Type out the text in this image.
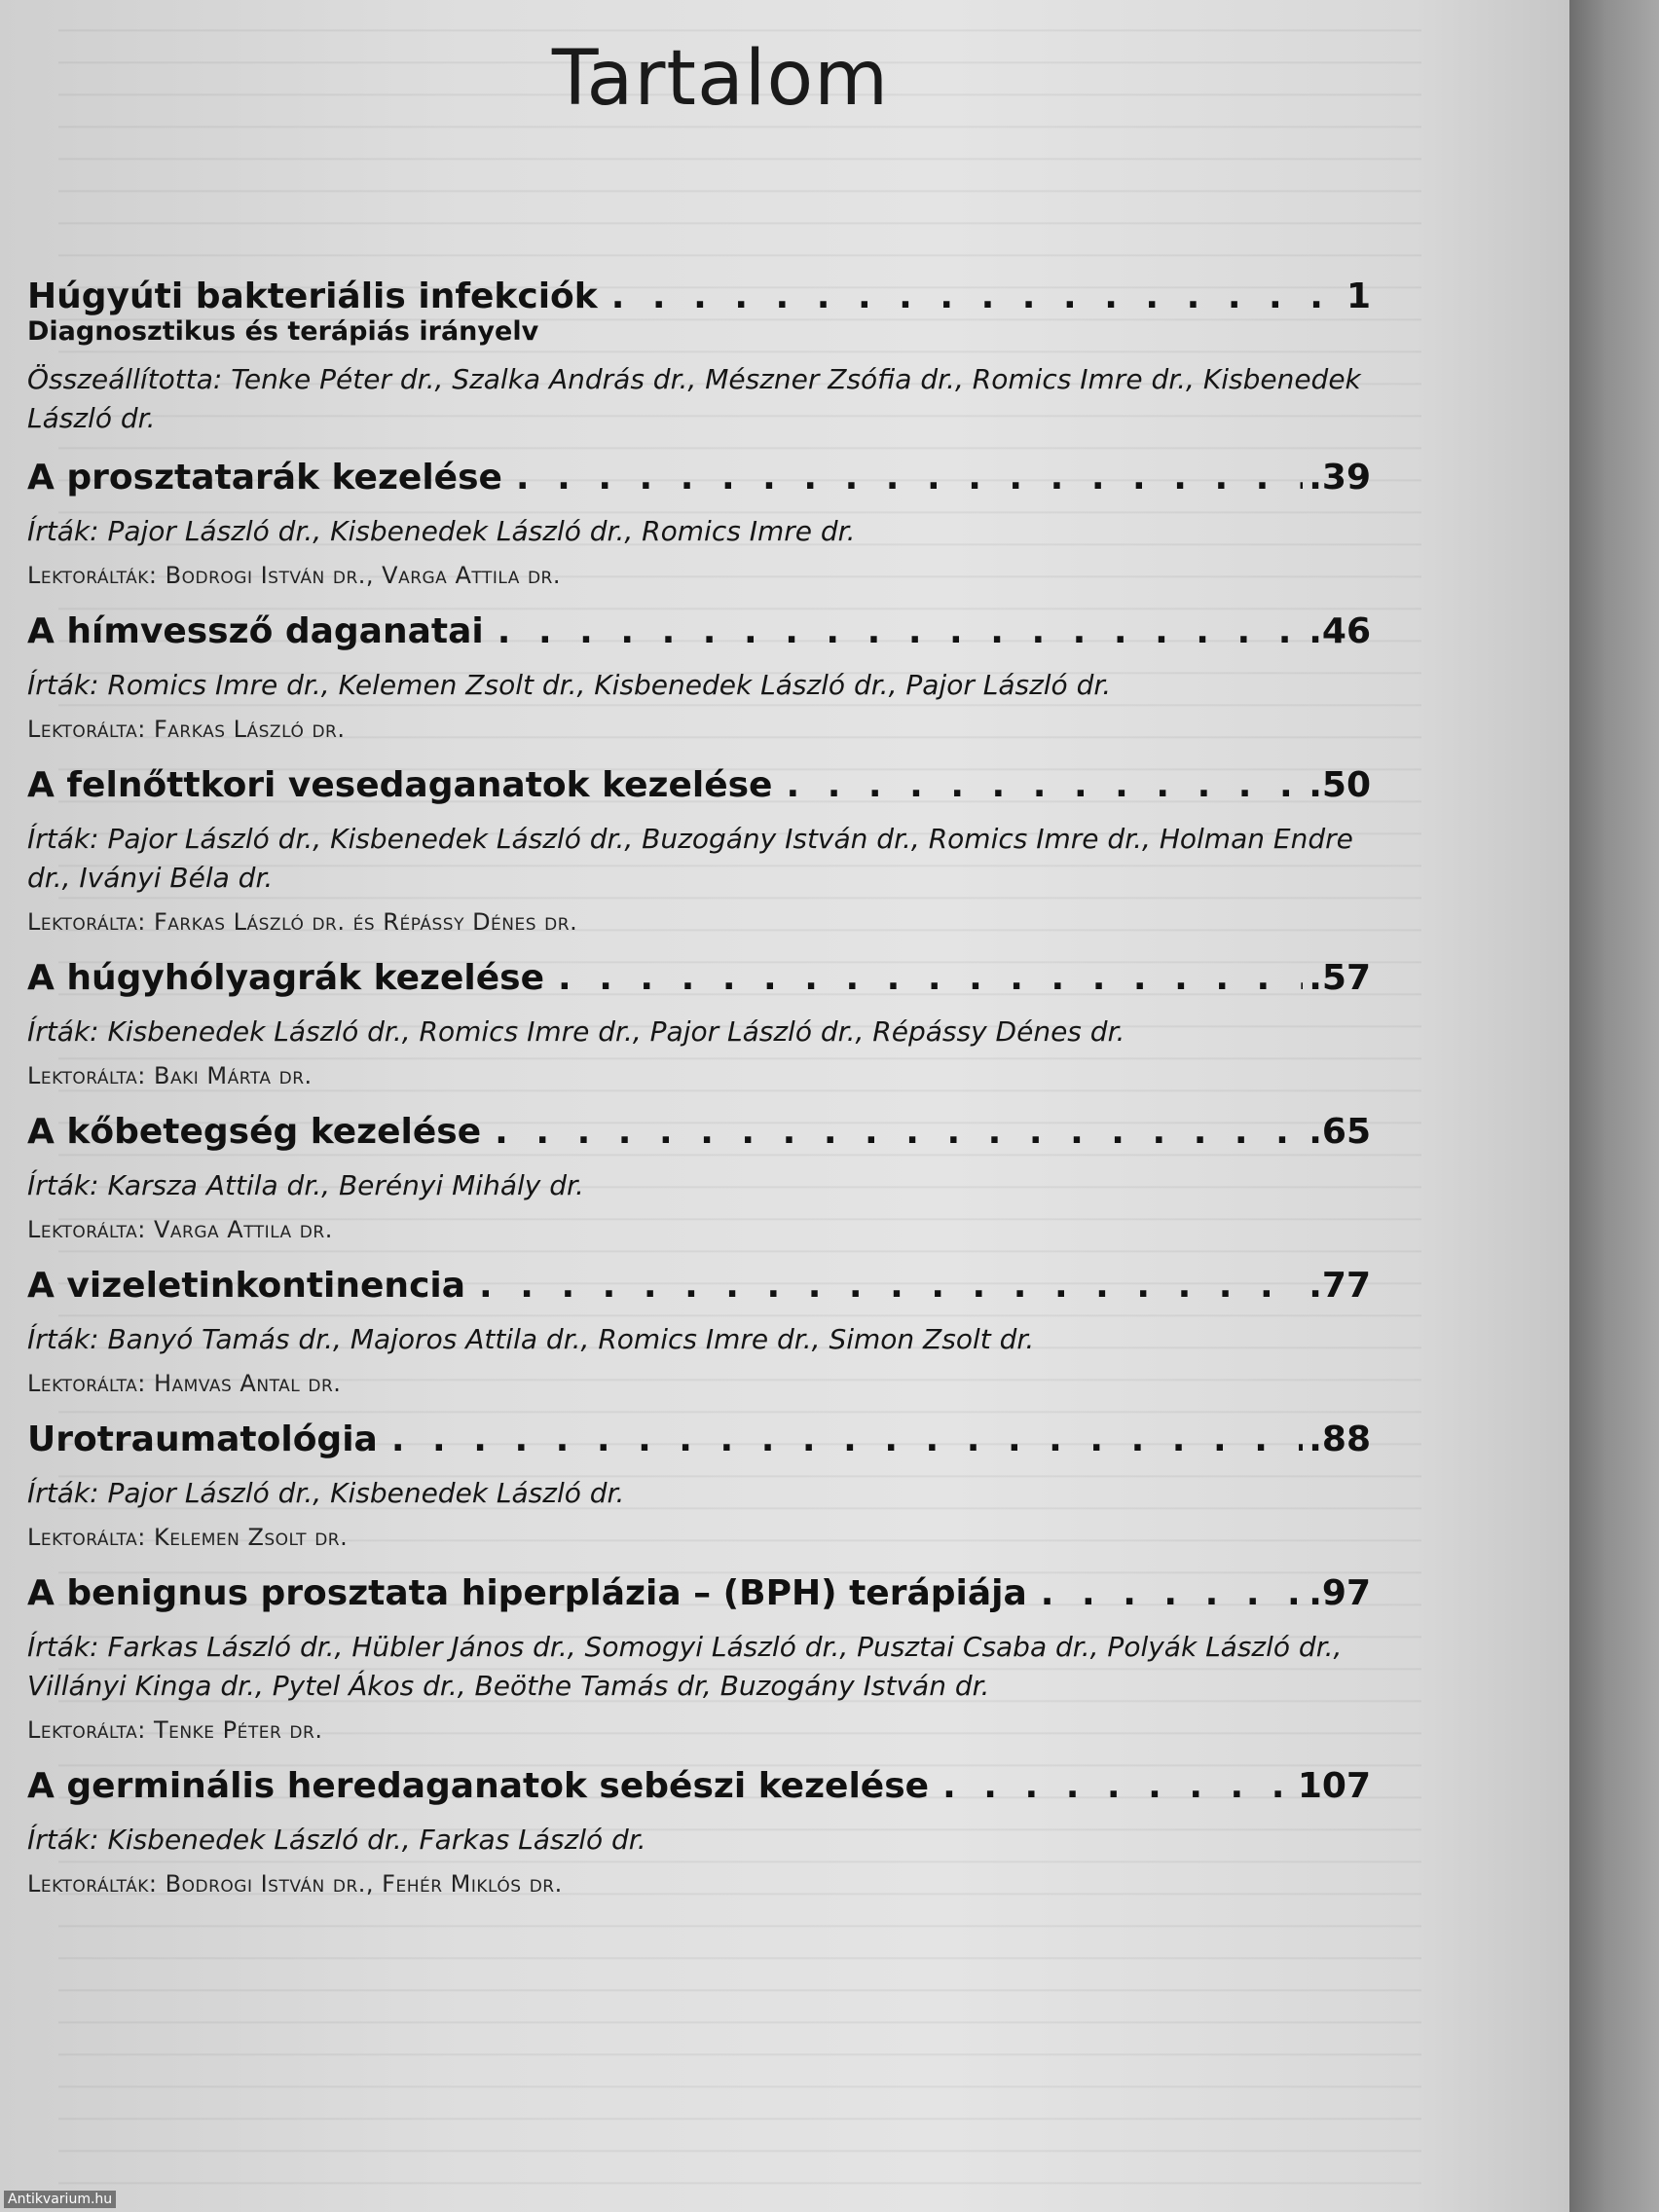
Tartalom
Húgyúti bakteriális infekciók . . .	1
Diagnosztikus és terápiás irányelv
Összeállította: Tenke Péter dr., Szalka András dr., Mészner Zsófia dr., Romics Imre dr., Kisbenedek László dr.
A prosztatarák kezelése . . .	.39
Írták: Pajor László dr., Kisbenedek László dr., Romics Imre dr.
Lektorálták: Bodrogi István dr., Varga Attila dr.
A hímvessző daganatai . . .	.46
Írták: Romics Imre dr., Kelemen Zsolt dr., Kisbenedek László dr., Pajor László dr.
Lektorálta: Farkas László dr.
A felnőttkori vesedaganatok kezelése . . .	.50
Írták: Pajor László dr., Kisbenedek László dr., Buzogány István dr., Romics Imre dr., Holman Endre dr., Iványi Béla dr.
Lektorálta: Farkas László dr. és Répássy Dénes dr.
A húgyhólyagrák kezelése . . .	.57
Írták: Kisbenedek László dr., Romics Imre dr., Pajor László dr., Répássy Dénes dr.
Lektorálta: Baki Márta dr.
A kőbetegség kezelése . . .	.65
Írták: Karsza Attila dr., Berényi Mihály dr.
Lektorálta: Varga Attila dr.
A vizeletinkontinencia . . .	.77
Írták: Banyó Tamás dr., Majoros Attila dr., Romics Imre dr., Simon Zsolt dr.
Lektorálta: Hamvas Antal dr.
Urotraumatológia . . .	.88
Írták: Pajor László dr., Kisbenedek László dr.
Lektorálta: Kelemen Zsolt dr.
A benignus prosztata hiperplázia – (BPH) terápiája . . .	.97
Írták: Farkas László dr., Hübler János dr., Somogyi László dr., Pusztai Csaba dr., Polyák László dr., Villányi Kinga dr., Pytel Ákos dr., Beöthe Tamás dr, Buzogány István dr.
Lektorálta: Tenke Péter dr.
A germinális heredaganatok sebészi kezelése . . .	107
Írták: Kisbenedek László dr., Farkas László dr.
Lektorálták: Bodrogi István dr., Fehér Miklós dr.
Antikvarium.hu
